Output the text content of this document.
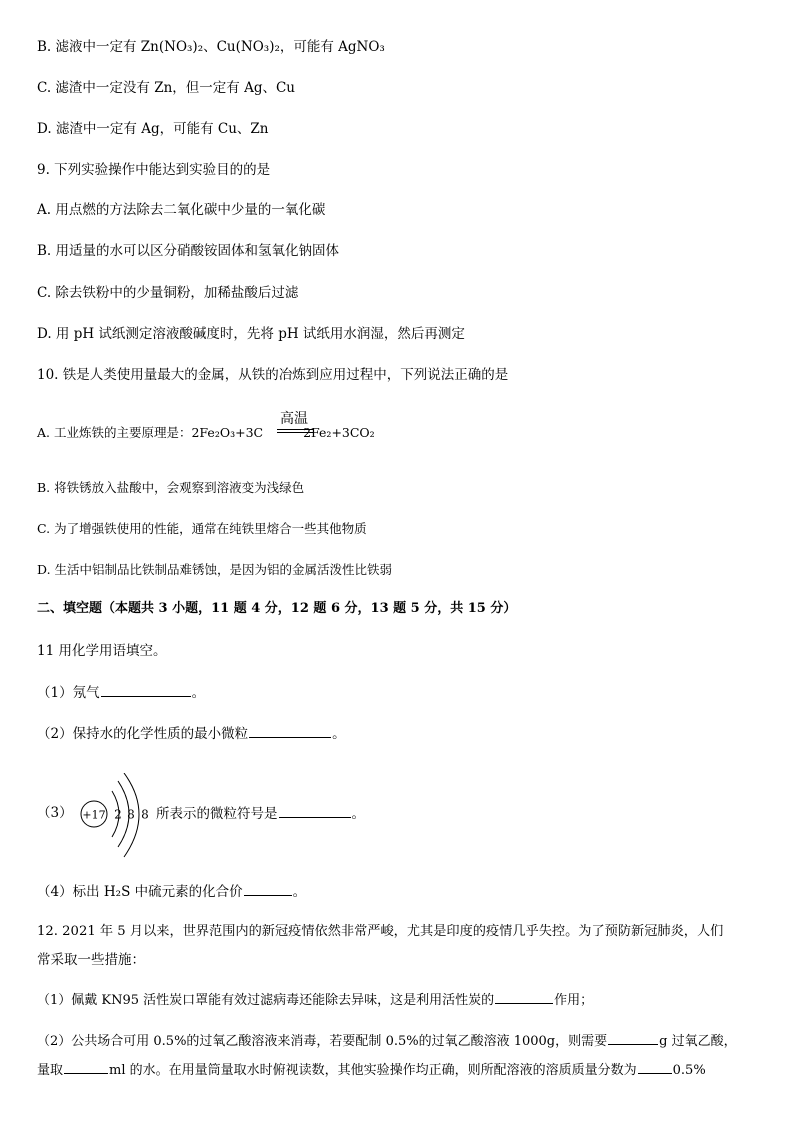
B. 滤液中一定有 Zn(NO₃)₂、Cu(NO₃)₂，可能有 AgNO₃
C. 滤渣中一定没有 Zn，但一定有 Ag、Cu
D. 滤渣中一定有 Ag，可能有 Cu、Zn
9. 下列实验操作中能达到实验目的的是
A. 用点燃的方法除去二氧化碳中少量的一氧化碳
B. 用适量的水可以区分硝酸铵固体和氢氧化钠固体
C. 除去铁粉中的少量铜粉，加稀盐酸后过滤
D. 用 pH 试纸测定溶液酸碱度时，先将 pH 试纸用水润湿，然后再测定
10. 铁是人类使用量最大的金属，从铁的冶炼到应用过程中，下列说法正确的是
A. 工业炼铁的主要原理是：2Fe₂O₃+3C	2Fe₂+3CO₂
高温
B. 将铁锈放入盐酸中，会观察到溶液变为浅绿色
C. 为了增强铁使用的性能，通常在纯铁里熔合一些其他物质
D. 生活中铝制品比铁制品难锈蚀，是因为铝的金属活泼性比铁弱
二、填空题（本题共 3 小题，11 题 4 分，12 题 6 分，13 题 5 分，共 15 分）
11 用化学用语填空。
（1）氖气	。
（2）保持水的化学性质的最小微粒	。
（3） +17 2 8 8 所表示的微粒符号是	。
（4）标出 H₂S 中硫元素的化合价	。
12. 2021 年 5 月以来，世界范围内的新冠疫情依然非常严峻，尤其是印度的疫情几乎失控。为了预防新冠肺炎，人们
常采取一些措施：
（1）佩戴 KN95 活性炭口罩能有效过滤病毒还能除去异味，这是利用活性炭的	作用；
（2）公共场合可用 0.5%的过氧乙酸溶液来消毒，若要配制 0.5%的过氧乙酸溶液 1000g，则需要	g 过氧乙酸，
量取	ml 的水。在用量筒量取水时俯视读数，其他实验操作均正确，则所配溶液的溶质质量分数为	0.5%
